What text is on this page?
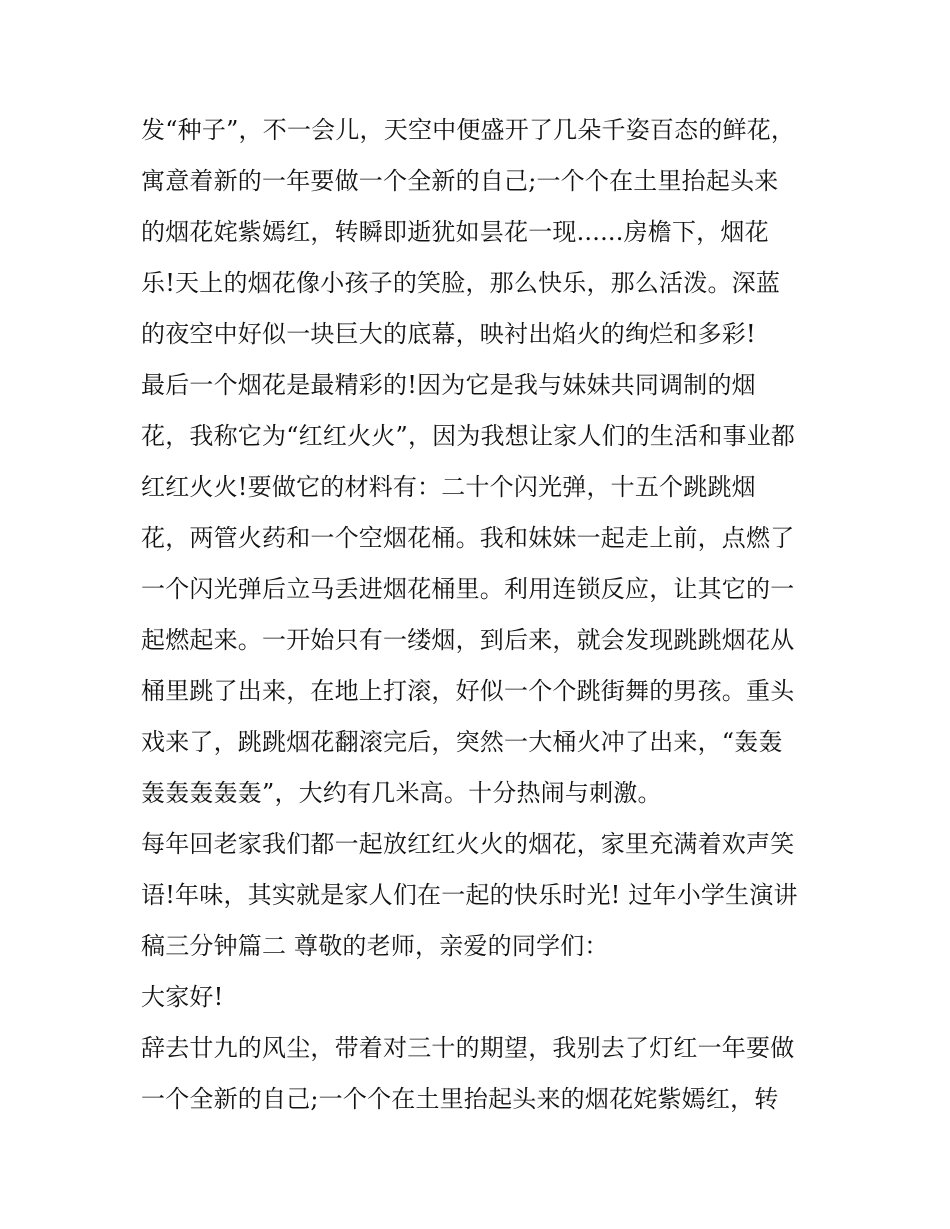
发“种子”，不一会儿，天空中便盛开了几朵千姿百态的鲜花，
寓意着新的一年要做一个全新的自己;一个个在土里抬起头来
的烟花姹紫嫣红，转瞬即逝犹如昙花一现......房檐下，烟花
乐!天上的烟花像小孩子的笑脸，那么快乐，那么活泼。深蓝
的夜空中好似一块巨大的底幕，映衬出焰火的绚烂和多彩!
最后一个烟花是最精彩的!因为它是我与妹妹共同调制的烟
花，我称它为“红红火火”，因为我想让家人们的生活和事业都
红红火火!要做它的材料有：二十个闪光弹，十五个跳跳烟
花，两管火药和一个空烟花桶。我和妹妹一起走上前，点燃了
一个闪光弹后立马丢进烟花桶里。利用连锁反应，让其它的一
起燃起来。一开始只有一缕烟，到后来，就会发现跳跳烟花从
桶里跳了出来，在地上打滚，好似一个个跳街舞的男孩。重头
戏来了，跳跳烟花翻滚完后，突然一大桶火冲了出来，“轰轰
轰轰轰轰轰”，大约有几米高。十分热闹与刺激。
每年回老家我们都一起放红红火火的烟花，家里充满着欢声笑
语!年味，其实就是家人们在一起的快乐时光! 过年小学生演讲
稿三分钟篇二 尊敬的老师，亲爱的同学们：
大家好!
辞去廿九的风尘，带着对三十的期望，我别去了灯红一年要做
一个全新的自己;一个个在土里抬起头来的烟花姹紫嫣红，转
